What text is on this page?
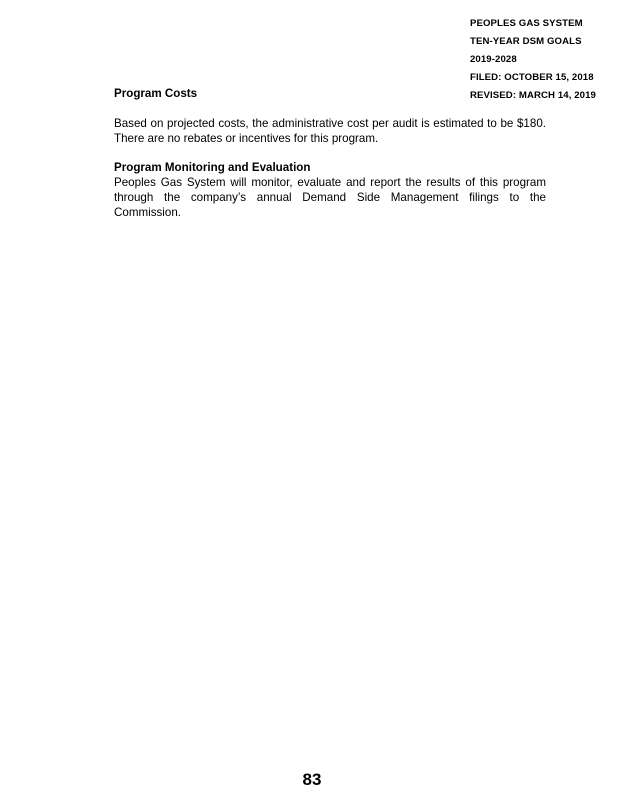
PEOPLES GAS SYSTEM
TEN-YEAR DSM GOALS
2019-2028
FILED: OCTOBER 15, 2018
REVISED: MARCH 14, 2019

Program Costs

Based on projected costs, the administrative cost per audit is estimated to be $180. There are no rebates or incentives for this program.

Program Monitoring and Evaluation

Peoples Gas System will monitor, evaluate and report the results of this program through the company’s annual Demand Side Management filings to the Commission.

83
